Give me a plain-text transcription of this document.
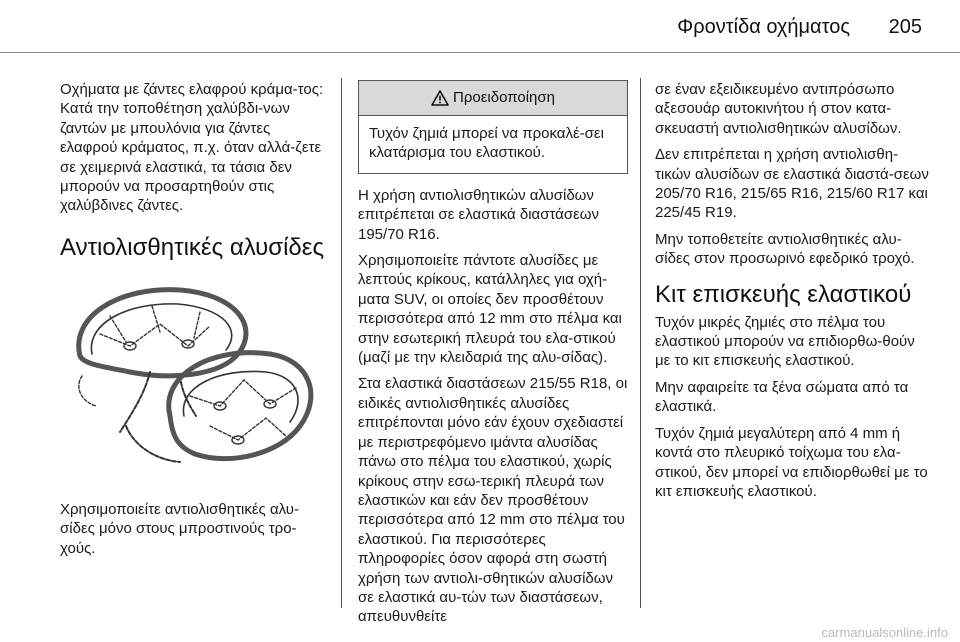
Φροντίδα οχήματος 205

Οχήματα με ζάντες ελαφρού κράμα-τος: Κατά την τοποθέτηση χαλύβδι-νων ζαντών με μπουλόνια για ζάντες ελαφρού κράματος, π.χ. όταν αλλά-ζετε σε χειμερινά ελαστικά, τα τάσια δεν μπορούν να προσαρτηθούν στις χαλύβδινες ζάντες.

Αντιολισθητικές αλυσίδες

Χρησιμοποιείτε αντιολισθητικές αλυ-σίδες μόνο στους μπροστινούς τρο-χούς.

Προειδοποίηση
Τυχόν ζημιά μπορεί να προκαλέ-σει κλατάρισμα του ελαστικού.

Η χρήση αντιολισθητικών αλυσίδων επιτρέπεται σε ελαστικά διαστάσεων 195/70 R16.

Χρησιμοποιείτε πάντοτε αλυσίδες με λεπτούς κρίκους, κατάλληλες για οχή-ματα SUV, οι οποίες δεν προσθέτουν περισσότερα από 12 mm στο πέλμα και στην εσωτερική πλευρά του ελα-στικού (μαζί με την κλειδαριά της αλυ-σίδας).

Στα ελαστικά διαστάσεων 215/55 R18, οι ειδικές αντιολισθητικές αλυσίδες επιτρέπονται μόνο εάν έχουν σχεδιαστεί με περιστρεφόμενο ιμάντα αλυσίδας πάνω στο πέλμα του ελαστικού, χωρίς κρίκους στην εσω-τερική πλευρά των ελαστικών και εάν δεν προσθέτουν περισσότερα από 12 mm στο πέλμα του ελαστικού. Για περισσότερες πληροφορίες όσον αφορά στη σωστή χρήση των αντιολι-σθητικών αλυσίδων σε ελαστικά αυ-τών των διαστάσεων, απευθυνθείτε

σε έναν εξειδικευμένο αντιπρόσωπο αξεσουάρ αυτοκινήτου ή στον κατα-σκευαστή αντιολισθητικών αλυσίδων.

Δεν επιτρέπεται η χρήση αντιολισθη-τικών αλυσίδων σε ελαστικά διαστά-σεων 205/70 R16, 215/65 R16, 215/60 R17 και 225/45 R19.

Μην τοποθετείτε αντιολισθητικές αλυ-σίδες στον προσωρινό εφεδρικό τροχό.

Κιτ επισκευής ελαστικού

Τυχόν μικρές ζημιές στο πέλμα του ελαστικού μπορούν να επιδιορθω-θούν με το κιτ επισκευής ελαστικού.

Μην αφαιρείτε τα ξένα σώματα από τα ελαστικά.

Τυχόν ζημιά μεγαλύτερη από 4 mm ή κοντά στο πλευρικό τοίχωμα του ελα-στικού, δεν μπορεί να επιδιορθωθεί με το κιτ επισκευής ελαστικού.

carmanualsonline.info
